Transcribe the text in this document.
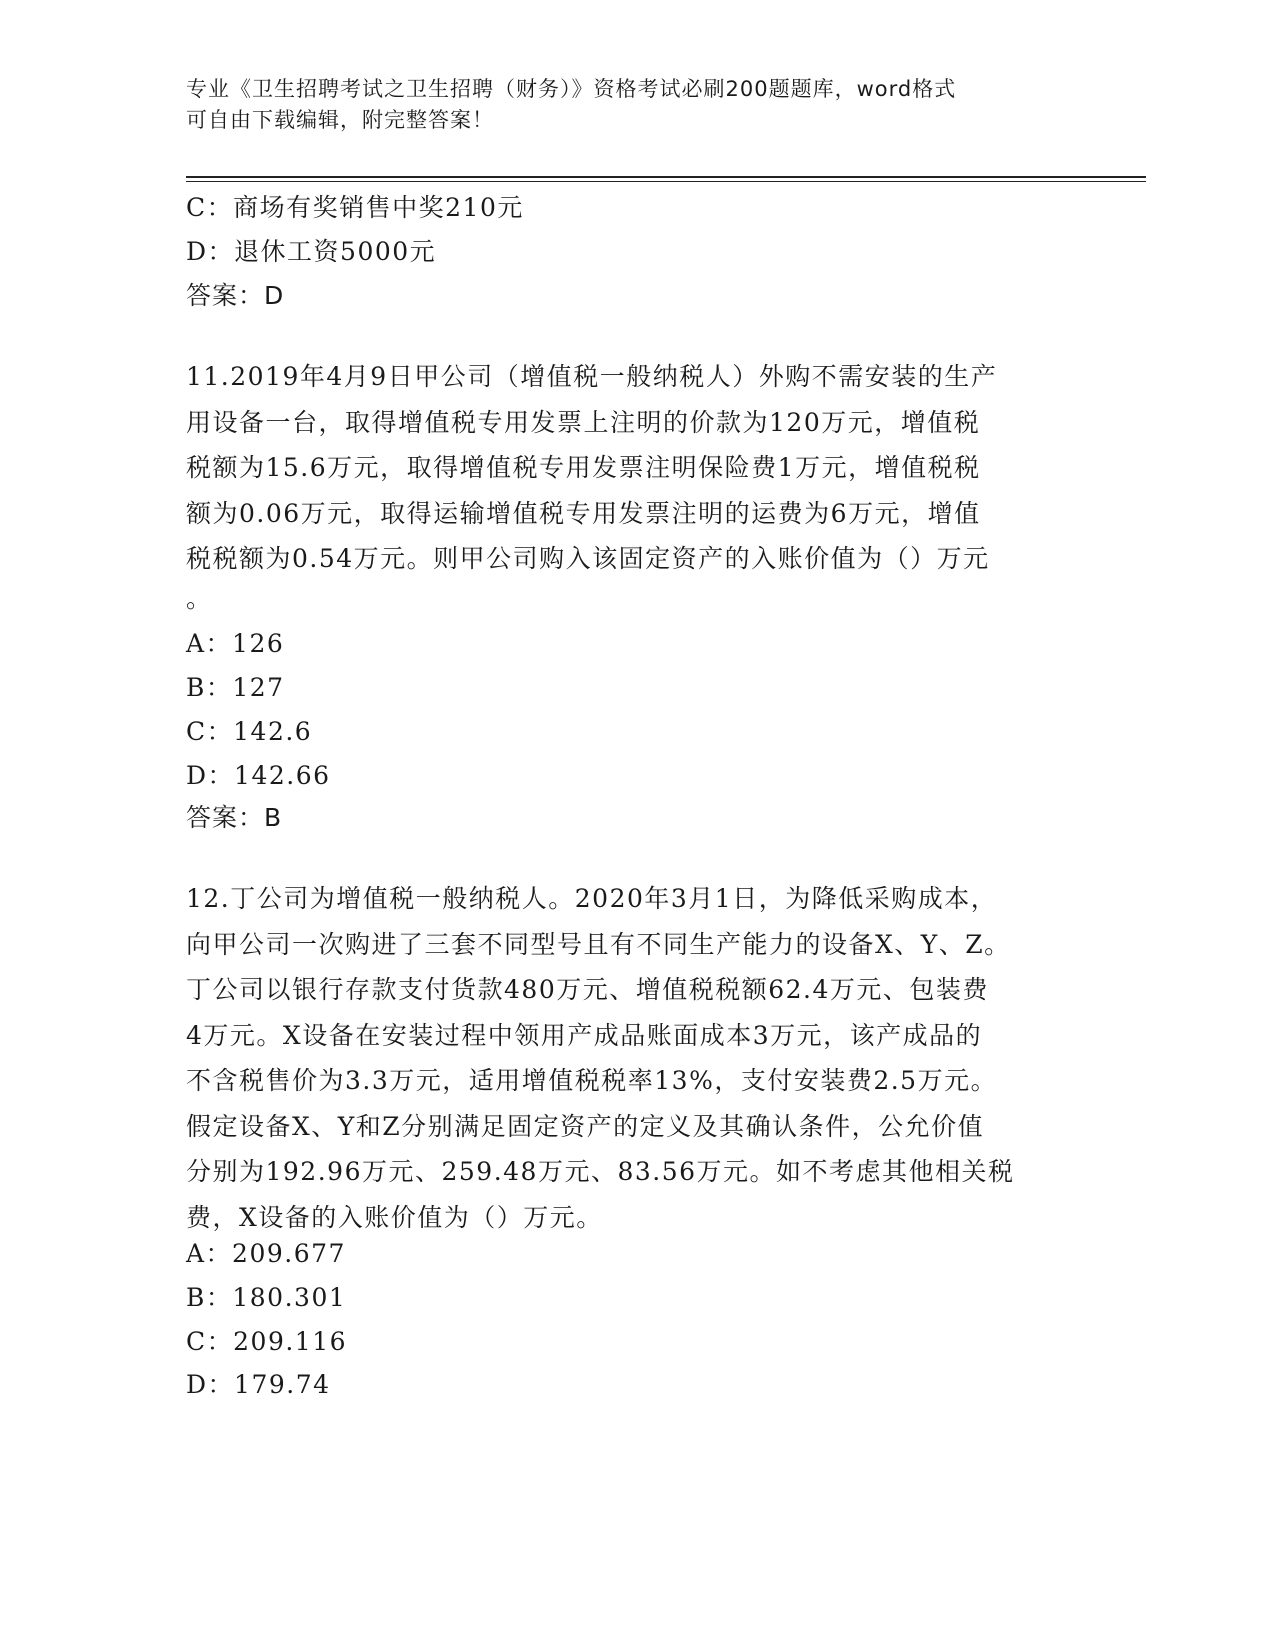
专业《卫生招聘考试之卫生招聘（财务）》资格考试必刷200题题库，word格式

可自由下载编辑，附完整答案！

C：商场有奖销售中奖210元

D：退休工资5000元

答案：D

11.2019年4月9日甲公司（增值税一般纳税人）外购不需安装的生产
用设备一台，取得增值税专用发票上注明的价款为120万元，增值税
税额为15.6万元，取得增值税专用发票注明保险费1万元，增值税税
额为0.06万元，取得运输增值税专用发票注明的运费为6万元，增值
税税额为0.54万元。则甲公司购入该固定资产的入账价值为（）万元
。

A：126

B：127

C：142.6

D：142.66

答案：B

12.丁公司为增值税一般纳税人。2020年3月1日，为降低采购成本，
向甲公司一次购进了三套不同型号且有不同生产能力的设备X、Y、Z。
丁公司以银行存款支付货款480万元、增值税税额62.4万元、包装费
4万元。X设备在安装过程中领用产成品账面成本3万元，该产成品的
不含税售价为3.3万元，适用增值税税率13%，支付安装费2.5万元。
假定设备X、Y和Z分别满足固定资产的定义及其确认条件，公允价值
分别为192.96万元、259.48万元、83.56万元。如不考虑其他相关税
费，X设备的入账价值为（）万元。

A：209.677

B：180.301

C：209.116

D：179.74
